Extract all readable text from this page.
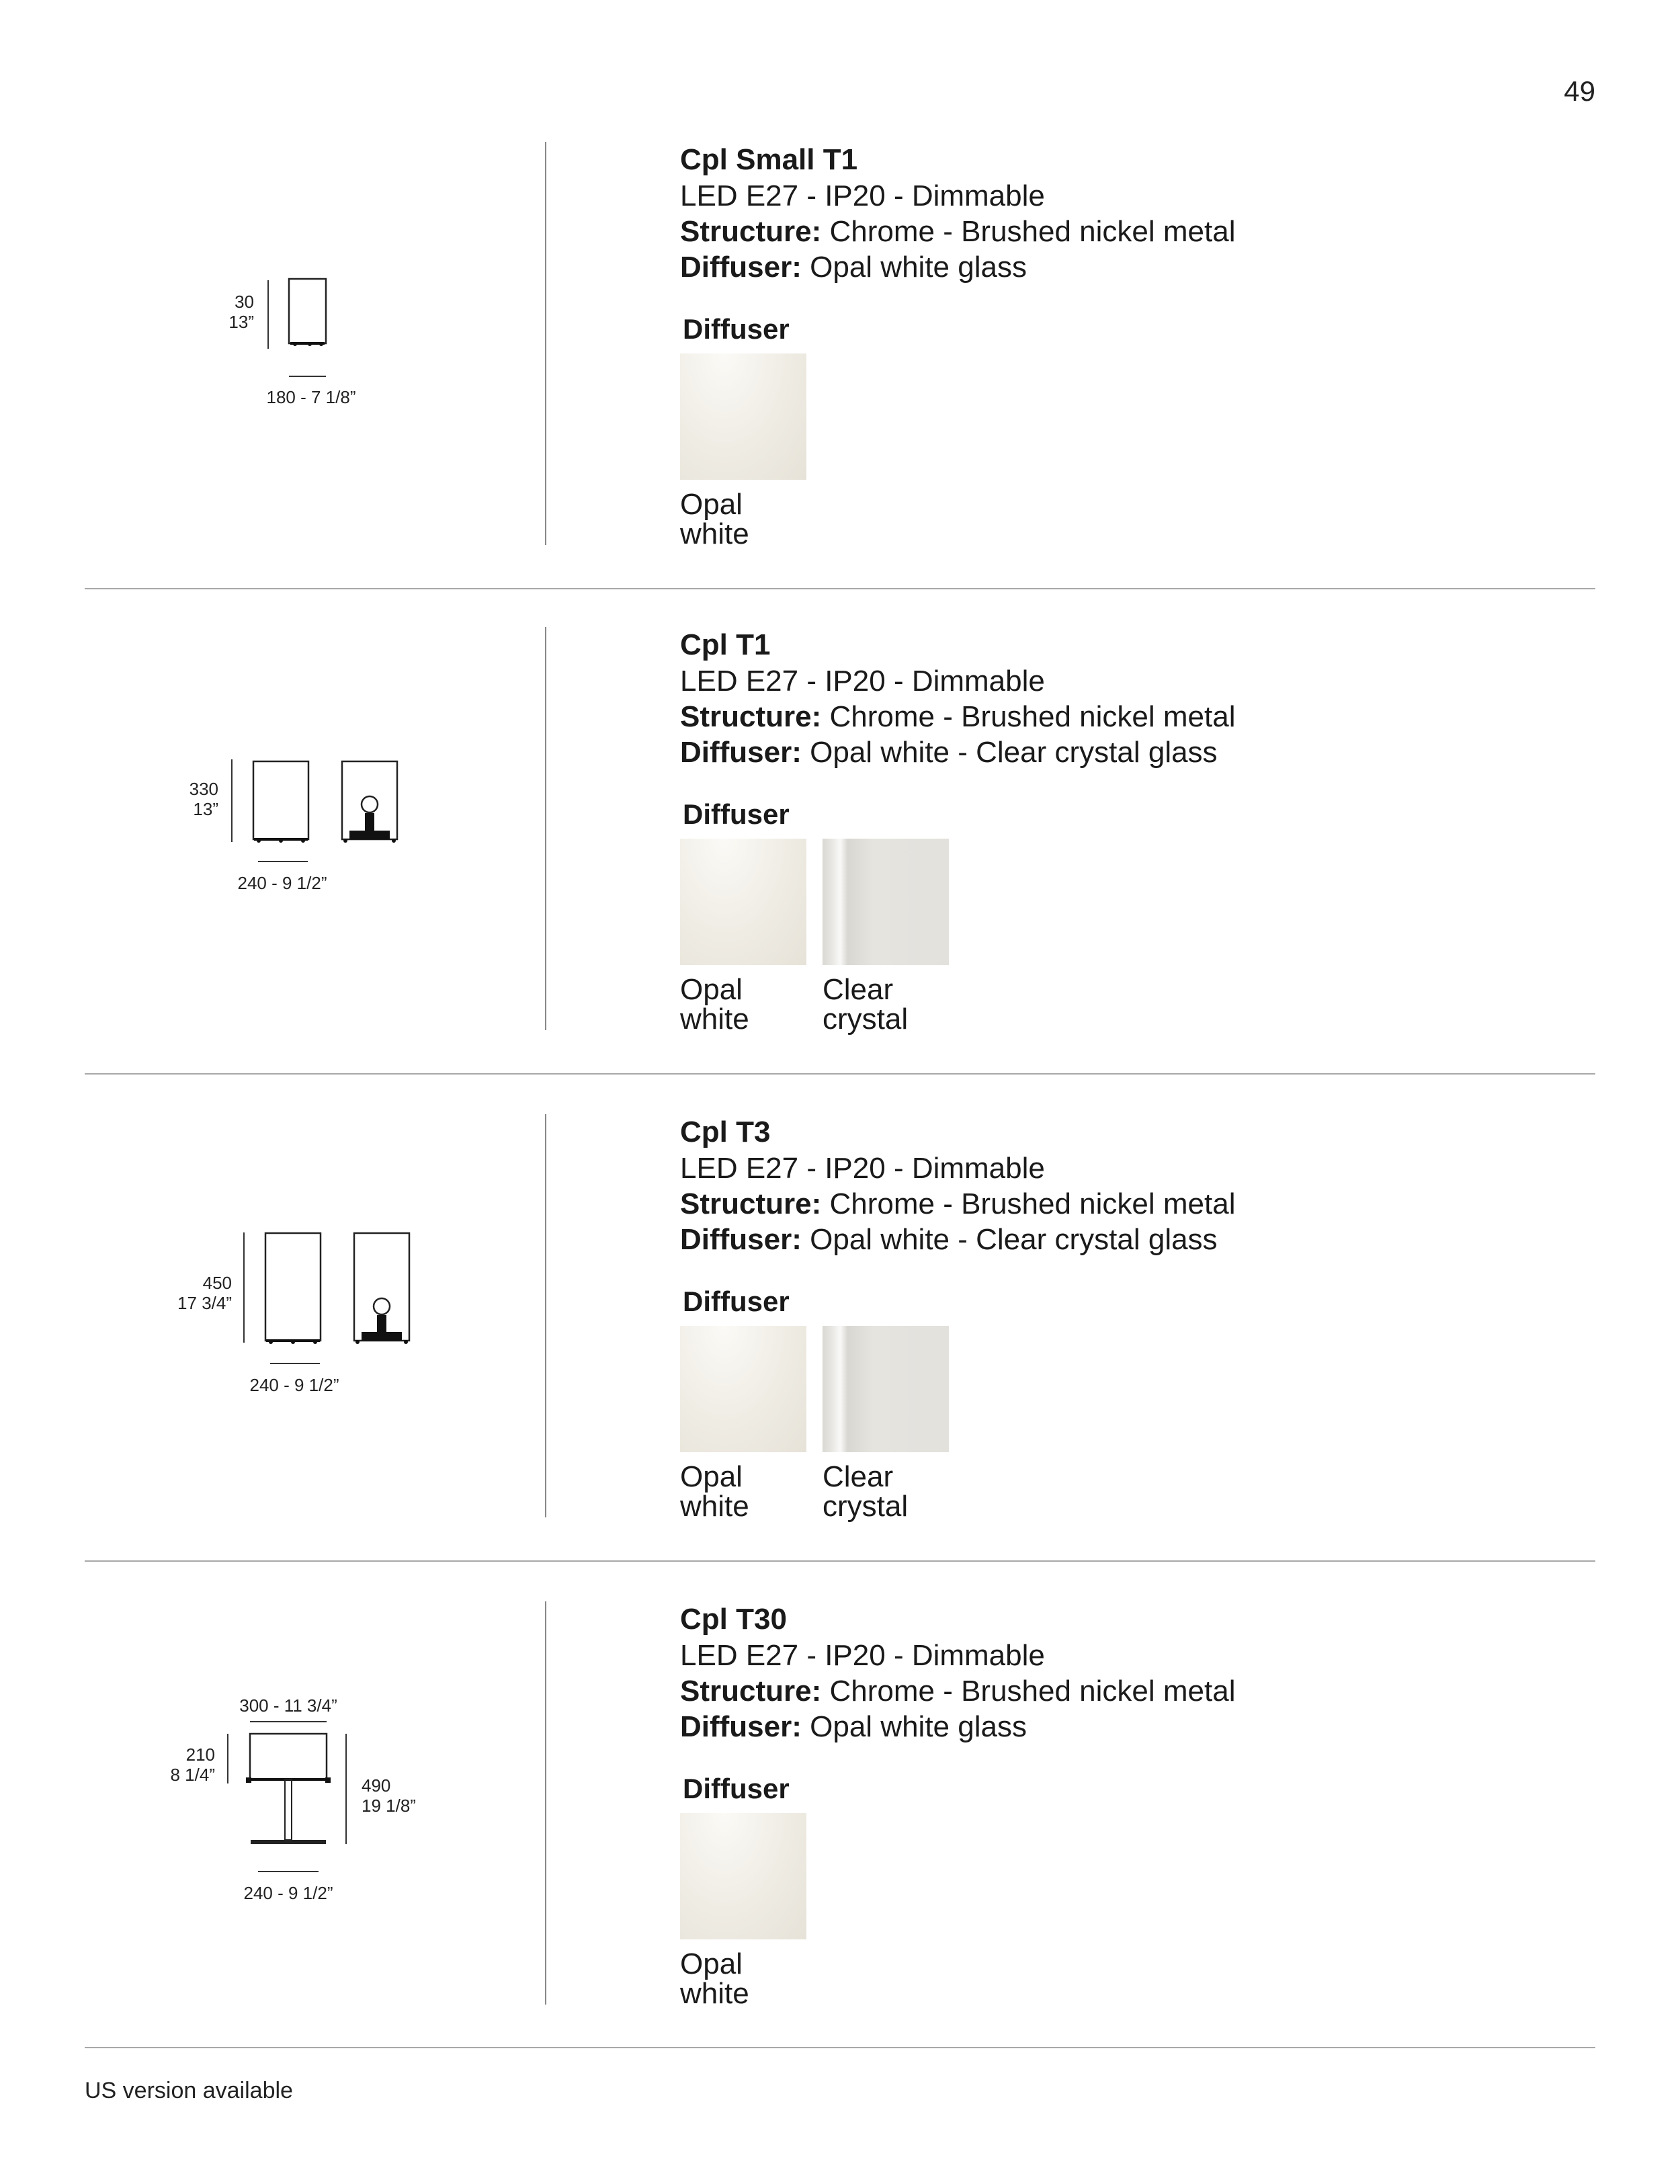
49
30
13”
180 - 7 1/8”
Cpl Small T1
LED E27 - IP20 - Dimmable
Structure: Chrome - Brushed nickel metal
Diffuser: Opal white glass
Diffuser
Opal
white
330
13”
240 - 9 1/2”
Cpl T1
LED E27 - IP20 - Dimmable
Structure: Chrome - Brushed nickel metal
Diffuser: Opal white - Clear crystal glass
Diffuser
Opal
white
Clear
crystal
450
17 3/4”
240 - 9 1/2”
Cpl T3
LED E27 - IP20 - Dimmable
Structure: Chrome - Brushed nickel metal
Diffuser: Opal white - Clear crystal glass
Diffuser
Opal
white
Clear
crystal
300 - 11 3/4”
210
8 1/4”
490
19 1/8”
240 - 9 1/2”
Cpl T30
LED E27 - IP20 - Dimmable
Structure: Chrome - Brushed nickel metal
Diffuser: Opal white glass
Diffuser
Opal
white
US version available
